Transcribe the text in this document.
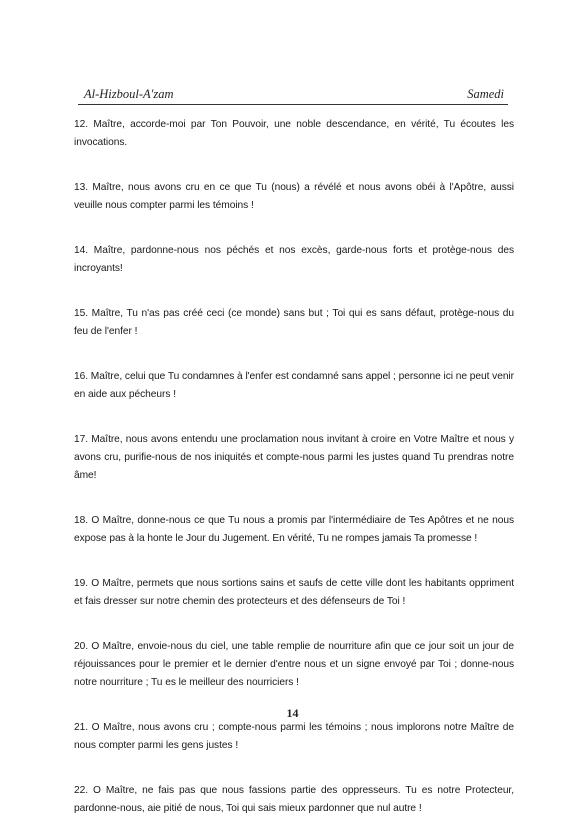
Al-Hizboul-A'zam	Samedi

12. Maître, accorde-moi par Ton Pouvoir, une noble descendance, en vérité, Tu écoutes les invocations.

13. Maître, nous avons cru en ce que Tu (nous) a révélé et nous avons obéi à l'Apôtre, aussi veuille nous compter parmi les témoins !

14. Maître, pardonne-nous nos péchés et nos excès, garde-nous forts et protège-nous des incroyants!

15. Maître, Tu n'as pas créé ceci (ce monde) sans but ; Toi qui es sans défaut, protège-nous du feu de l'enfer !

16. Maître, celui que Tu condamnes à l'enfer est condamné sans appel ; personne ici ne peut venir en aide aux pécheurs !

17. Maître, nous avons entendu une proclamation nous invitant à croire en Votre Maître et nous y avons cru, purifie-nous de nos iniquités et compte-nous parmi les justes quand Tu prendras notre âme!

18. O Maître, donne-nous ce que Tu nous a promis par l'intermédiaire de Tes Apôtres et ne nous expose pas à la honte le Jour du Jugement. En vérité, Tu ne rompes jamais Ta promesse !

19. O Maître, permets que nous sortions sains et saufs de cette ville dont les habitants oppriment et fais dresser sur notre chemin des protecteurs et des défenseurs de Toi !

20. O Maître, envoie-nous du ciel, une table remplie de nourriture afin que ce jour soit un jour de réjouissances pour le premier et le dernier d'entre nous et un signe envoyé par Toi ; donne-nous notre nourriture ; Tu es le meilleur des nourriciers !

21. O Maître, nous avons cru ; compte-nous parmi les témoins ; nous implorons notre Maître de nous compter parmi les gens justes !

22. O Maître, ne fais pas que nous fassions partie des oppresseurs. Tu es notre Protecteur, pardonne-nous, aie pitié de nous, Toi qui sais mieux pardonner que nul autre !

14
